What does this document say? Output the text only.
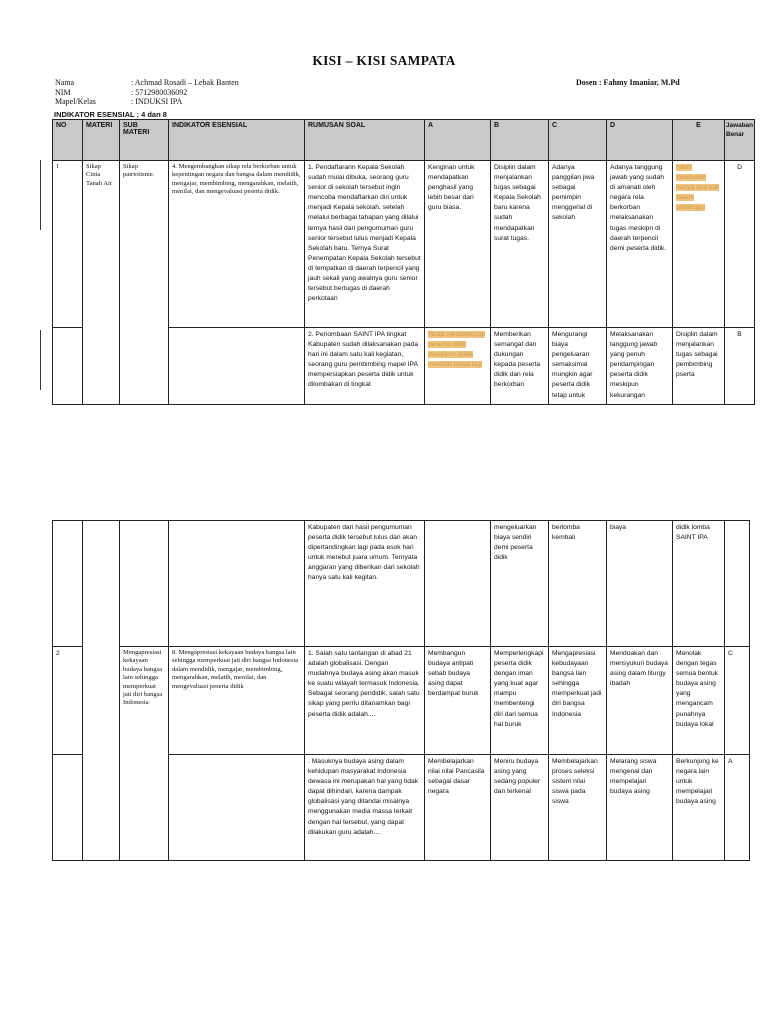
KISI – KISI SAMPATA
Nama	: Achmad Rosadi – Lebak Banten
NIM	: 5712980036092
Mapel/Kelas	: INDUKSI IPA
Dosen : Fahmy Imaniar, M.Pd
INDIKATOR ESENSIAL : 4 dan 8
NO	MATERI	SUB MATERI	INDIKATOR ESENSIAL	RUMUSAN SOAL	A	B	C	D	E	Jawaban Benar
1	Sikap Cinta Tanah Air	Sikap patriotisme.	4. Mengembangkan sikap rela berkorban untuk kepentingan negara dan bangsa dalam mendidik, mengajar, membimbing, mengarahkan, melatih, menilai, dan mengevaluasi peserta didik.	1. Pendaftarann Kepala Sekolah sudah mulai dibuka, seorang guru senior di sekolah tersebut ingin mencoba mendaftarkan diri untuk menjadi Kepala sekolah, setelah melalui berbagai tahapan yang dilalui ternya hasil dari pengumuman guru senior tersebut lulus menjadi Kepala Sekolah baru. Ternya Surat Penempatan Kepala Sekolah tersebut di tempatkan di daerah terpencil yang jauh sekali yang awalnya guru senior tersebut bertugas di daerah perkotaan	Kenginan untuk mendapatkan penghasil yang lebih besar dari guru biasa.	Disiplin dalam menjalankan tugas sebagai Kepala Sekolah baru karena sudah mendapatkan surat tugas.	Adanya panggilan jiwa sebagai pemimpin menggerial di sekolah	Adanya tanggung jawab yang sudah di amanati oleh negara rela berkorban melaksanakan tugas meskipn di daerah terpencil demi peserta didik.	Hadir kesekolah hanya dua kali dalam seminggu	D
				2. Periombaan SAINT IPA tingkat Kabupaten sudah dilaksanakan pada hari ini dalam satu kali kegiatan, seorang guru pembimbing mapel IPA mempersiapkan peserta didik untuk dilombakan di tingkat	Tetap mendampngi peserta didik meskipun tidak memiliki biaya lagi	Memberikan semangat dan dukungan kepada peserta didik dan rela berkorban	Mengurangi biaya pengeluaran semaksimal mungkin agar peserta didik tetap untuk	Melaksanakan tanggung jawab yang penuh pendampingan peserta didik meskipun kekurangan	Disiplin dalam menjalankan tugas sebagai pembimbing pserta	B
				Kabupaten dari hasil pengumuman peserta didik tersebut lulus dan akan dipertandingkan lagi pada esok hari untuk merebut juara umum. Ternyata anggaran yang diberikan dari sekolah hanya satu kali kegitan.		mengeluarkan biaya sendiri demi peserta didik	berlomba kembali	biaya	didik lomba SAINT IPA	
2		Mengapresiasi kekayaan budaya bangsa lain sehingga memperkuat jati diri bangsa Indonesia	8. Mengapresiasi kekayaan budaya bangsa lain sehingga memperkuat jati diri bangsa Indonesia dalam mendidik, mengajar, membimbing, mengarahkan, melatih, menilai, dan mengevaluasi peserta didik	1. Salah satu tantangan di abad 21 adalah globalisasi. Dengan mudahnya budaya asing akan masuk ke suatu wilayah termasuk Indonesia. Sebagai seorang pendidik, salah satu sikap yang perrlu ditanamkan bagi peserta didik adalah....	Membangun budaya antipati sebab budaya asing dapat berdampat buruk	Memperlengkapi peserta didik dengan iman yang kuat agar mampu membentengi diri dari semua hal buruk	Mengapresiasi kebudayaan bangsa lain sehingga memperkuat jadi diri bangsa Indonesia	Mendoakan dan mensyukuri budaya asing dalam liturgy ibadah	Menolak dengan tegas semua bentuk budaya asing yang mengancam punahnya budaya lokal	C
				. Masuknya budaya asing dalam kehidupan masyarakat Indonesia dewasa ini merupakan hal yang tidak dapat dihindari, karena dampak globalisasi yang ditandai misalnya menggunakan media massa terkait dengan hal tersebut, yang dapat dilakukan guru adalah....	Membelajarkan nilai nilai Pancasila sebagai dasar negara	Meniru budaya asing yang sedang populer dan terkenal	Membelajarkan proses seleksi sistem nilai siswa pada siswa	Melarang siswa mengenal dan mempelajari budaya asing	Berkunjung ke negara lain untuk mempelajari budaya asing	A
